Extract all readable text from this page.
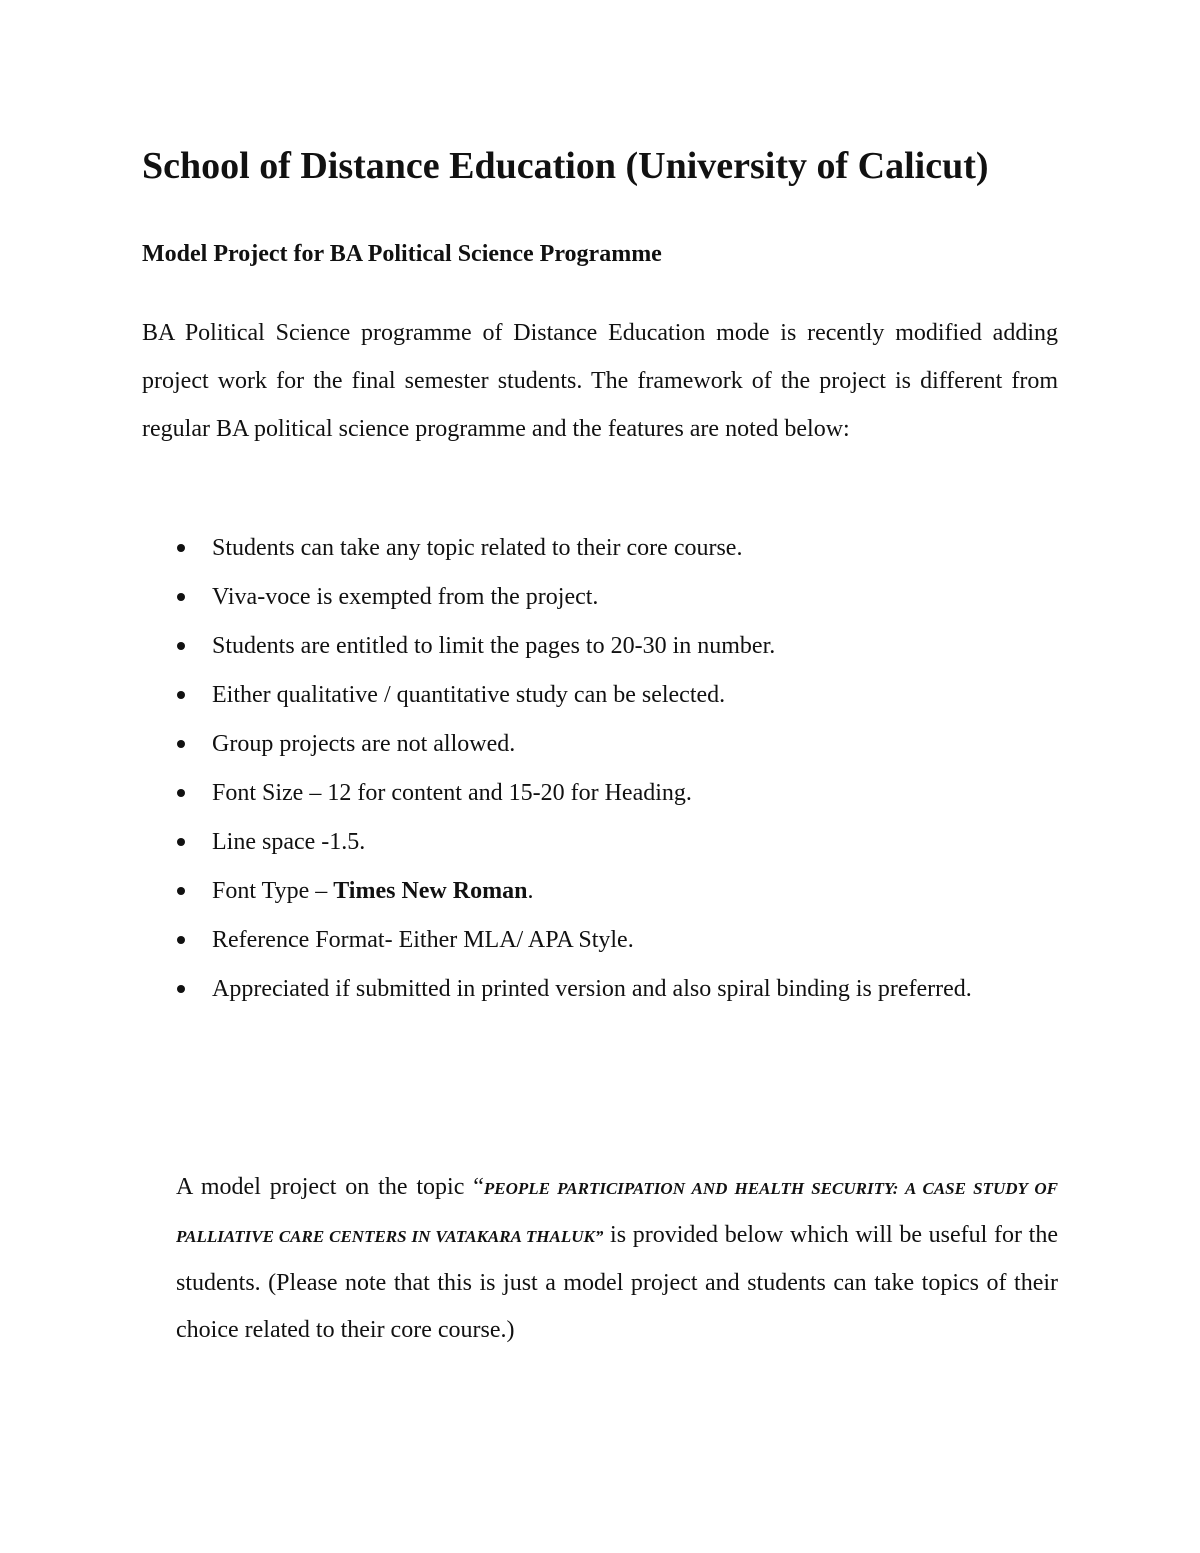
School of Distance Education (University of Calicut)
Model Project for BA Political Science Programme

BA Political Science programme of Distance Education mode is recently modified adding project work for the final semester students. The framework of the project is different from regular BA political science programme and the features are noted below:

Students can take any topic related to their core course.
Viva-voce is exempted from the project.
Students are entitled to limit the pages to 20-30 in number.
Either qualitative / quantitative study can be selected.
Group projects are not allowed.
Font Size – 12 for content and 15-20 for Heading.
Line space -1.5.
Font Type – Times New Roman.
Reference Format- Either MLA/ APA Style.
Appreciated if submitted in printed version and also spiral binding is preferred.

A model project on the topic “PEOPLE PARTICIPATION AND HEALTH SECURITY: A CASE STUDY OF PALLIATIVE CARE CENTERS IN VATAKARA THALUK” is provided below which will be useful for the students. (Please note that this is just a model project and students can take topics of their choice related to their core course.)
